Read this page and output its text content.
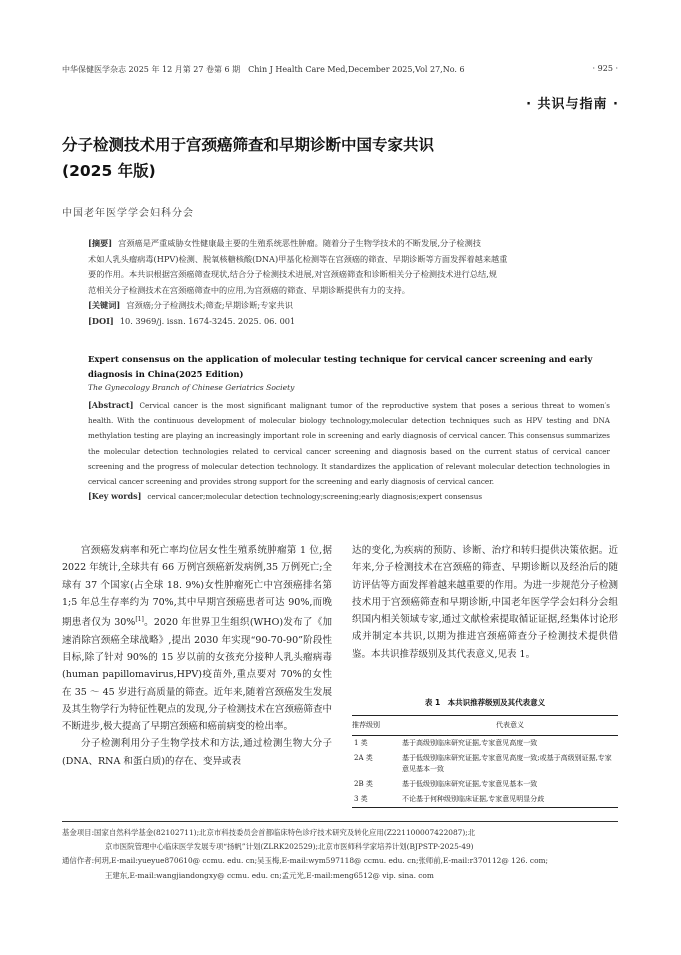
中华保健医学杂志 2025 年 12 月第 27 卷第 6 期　Chin J Health Care Med,December 2025,Vol 27,No. 6	· 925 ·
· 共识与指南 ·
分子检测技术用于宫颈癌筛查和早期诊断中国专家共识
(2025 年版)
中国老年医学学会妇科分会
[摘要] 宫颈癌是严重威胁女性健康最主要的生殖系统恶性肿瘤。随着分子生物学技术的不断发展,分子检测技
术如人乳头瘤病毒(HPV)检测、脱氧核糖核酸(DNA)甲基化检测等在宫颈癌的筛查、早期诊断等方面发挥着越来越重
要的作用。本共识根据宫颈癌筛查现状,结合分子检测技术进展,对宫颈癌筛查和诊断相关分子检测技术进行总结,规
范相关分子检测技术在宫颈癌筛查中的应用,为宫颈癌的筛查、早期诊断提供有力的支持。
[关键词] 宫颈癌;分子检测技术;筛查;早期诊断;专家共识
[DOI] 10. 3969/j. issn. 1674-3245. 2025. 06. 001
Expert consensus on the application of molecular testing technique for cervical cancer screening and early diagnosis in China(2025 Edition)
The Gynecology Branch of Chinese Geriatrics Society
[Abstract] Cervical cancer is the most significant malignant tumor of the reproductive system that poses a serious threat to women′s health. With the continuous development of molecular biology technology,molecular detection techniques such as HPV testing and DNA methylation testing are playing an increasingly important role in screening and early diagnosis of cervical cancer. This consensus summarizes the molecular detection technologies related to cervical cancer screening and diagnosis based on the current status of cervical cancer screening and the progress of molecular detection technology. It standardizes the application of relevant molecular detection technologies in cervical cancer screening and provides strong support for the screening and early diagnosis of cervical cancer.
[Key words] cervical cancer;molecular detection technology;screening;early diagnosis;expert consensus

宫颈癌发病率和死亡率均位居女性生殖系统肿瘤第 1 位,据 2022 年统计,全球共有 66 万例宫颈癌新发病例,35 万例死亡;全球有 37 个国家(占全球 18. 9%)女性肿瘤死亡中宫颈癌排名第 1;5 年总生存率约为 70%,其中早期宫颈癌患者可达 90%,而晚期患者仅为 30%[1]。2020 年世界卫生组织(WHO)发布了《加速消除宫颈癌全球战略》,提出 2030 年实现“90-70-90”阶段性目标,除了针对 90%的 15 岁以前的女孩充分接种人乳头瘤病毒(human papillomavirus,HPV)疫苗外,重点要对 70%的女性在 35 ～ 45 岁进行高质量的筛查。近年来,随着宫颈癌发生发展及其生物学行为特征性靶点的发现,分子检测技术在宫颈癌筛查中不断进步,极大提高了早期宫颈癌和癌前病变的检出率。

分子检测利用分子生物学技术和方法,通过检测生物大分子(DNA、RNA 和蛋白质)的存在、变异或表

达的变化,为疾病的预防、诊断、治疗和转归提供决策依据。近年来,分子检测技术在宫颈癌的筛查、早期诊断以及经治后的随访评估等方面发挥着越来越重要的作用。为进一步规范分子检测技术用于宫颈癌筛查和早期诊断,中国老年医学学会妇科分会组织国内相关领域专家,通过文献检索提取循证证据,经集体讨论形成并制定本共识,以期为推进宫颈癌筛查分子检测技术提供借鉴。本共识推荐级别及其代表意义,见表 1。

表 1　本共识推荐级别及其代表意义
推荐级别	代表意义
1 类	基于高级别临床研究证据,专家意见高度一致
2A 类	基于低级别临床研究证据,专家意见高度一致;或基于高级别证据,专家意见基本一致
2B 类	基于低级别临床研究证据,专家意见基本一致
3 类	不论基于何种级别临床证据,专家意见明显分歧
基金项目:国家自然科学基金(82102711);北京市科技委员会首都临床特色诊疗技术研究及转化应用(Z221100007422087);北
京市医院管理中心临床医学发展专项“扬帆”计划(ZLRK202529);北京市医师科学家培养计划(BJPSTP-2025-49)
通信作者:何玥,E-mail:yueyue870610@ ccmu. edu. cn;吴玉梅,E-mail:wym597118@ ccmu. edu. cn;张师前,E-mail:r370112@ 126. com;
王建东,E-mail:wangjiandongxy@ ccmu. edu. cn;孟元光,E-mail:meng6512@ vip. sina. com
